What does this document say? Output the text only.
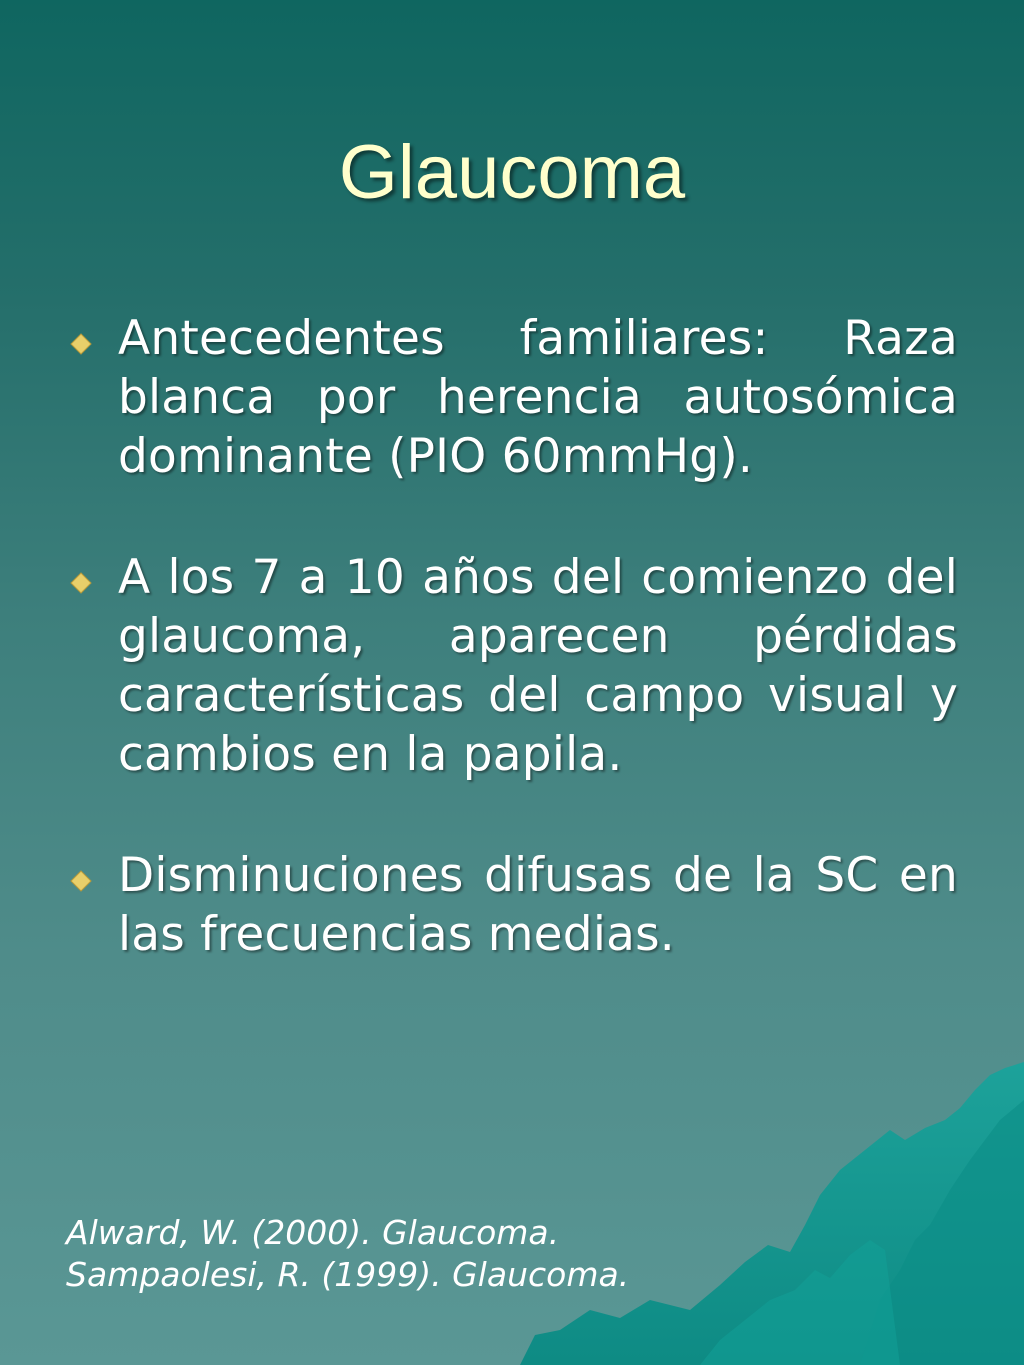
Glaucoma
Antecedentes familiares: Raza blanca por herencia autosómica dominante (PIO 60mmHg).
A los 7 a 10 años del comienzo del glaucoma, aparecen pérdidas características del campo visual y cambios en la papila.
Disminuciones difusas de la SC en las frecuencias medias.
Alward, W. (2000). Glaucoma.
Sampaolesi, R. (1999). Glaucoma.
